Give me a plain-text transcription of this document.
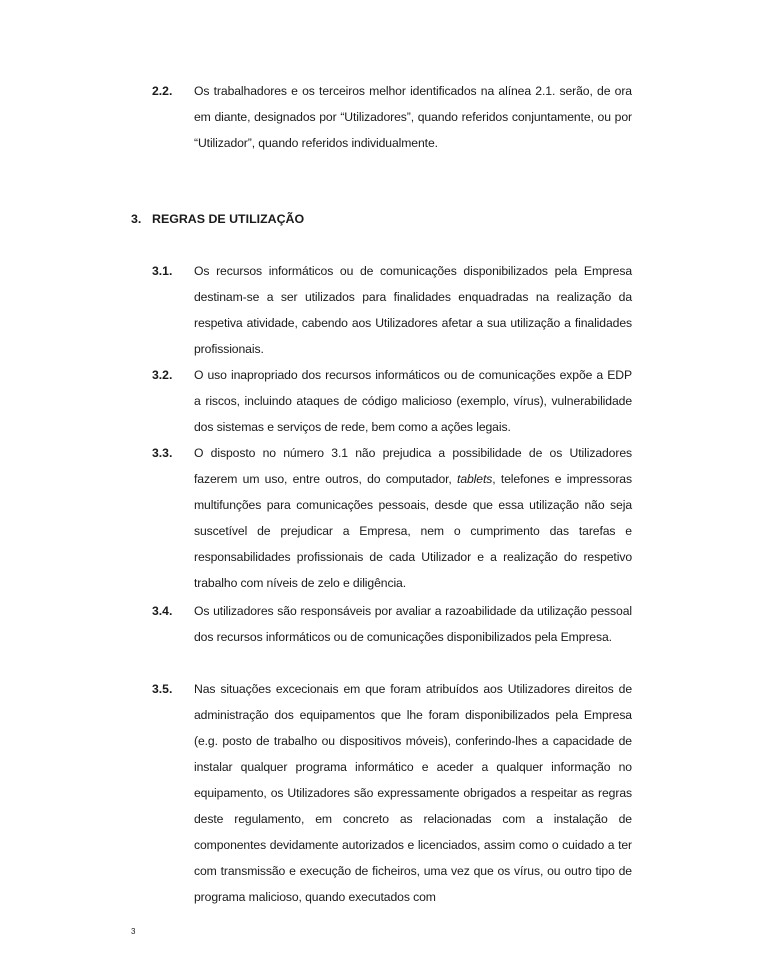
2.2. Os trabalhadores e os terceiros melhor identificados na alínea 2.1. serão, de ora em diante, designados por “Utilizadores”, quando referidos conjuntamente, ou por “Utilizador”, quando referidos individualmente.
3. REGRAS DE UTILIZAÇÃO
3.1. Os recursos informáticos ou de comunicações disponibilizados pela Empresa destinam-se a ser utilizados para finalidades enquadradas na realização da respetiva atividade, cabendo aos Utilizadores afetar a sua utilização a finalidades profissionais.
3.2. O uso inapropriado dos recursos informáticos ou de comunicações expõe a EDP a riscos, incluindo ataques de código malicioso (exemplo, vírus), vulnerabilidade dos sistemas e serviços de rede, bem como a ações legais.
3.3. O disposto no número 3.1 não prejudica a possibilidade de os Utilizadores fazerem um uso, entre outros, do computador, tablets, telefones e impressoras multifunções para comunicações pessoais, desde que essa utilização não seja suscetível de prejudicar a Empresa, nem o cumprimento das tarefas e responsabilidades profissionais de cada Utilizador e a realização do respetivo trabalho com níveis de zelo e diligência.
3.4. Os utilizadores são responsáveis por avaliar a razoabilidade da utilização pessoal dos recursos informáticos ou de comunicações disponibilizados pela Empresa.
3.5. Nas situações excecionais em que foram atribuídos aos Utilizadores direitos de administração dos equipamentos que lhe foram disponibilizados pela Empresa (e.g. posto de trabalho ou dispositivos móveis), conferindo-lhes a capacidade de instalar qualquer programa informático e aceder a qualquer informação no equipamento, os Utilizadores são expressamente obrigados a respeitar as regras deste regulamento, em concreto as relacionadas com a instalação de componentes devidamente autorizados e licenciados, assim como o cuidado a ter com transmissão e execução de ficheiros, uma vez que os vírus, ou outro tipo de programa malicioso, quando executados com
3
